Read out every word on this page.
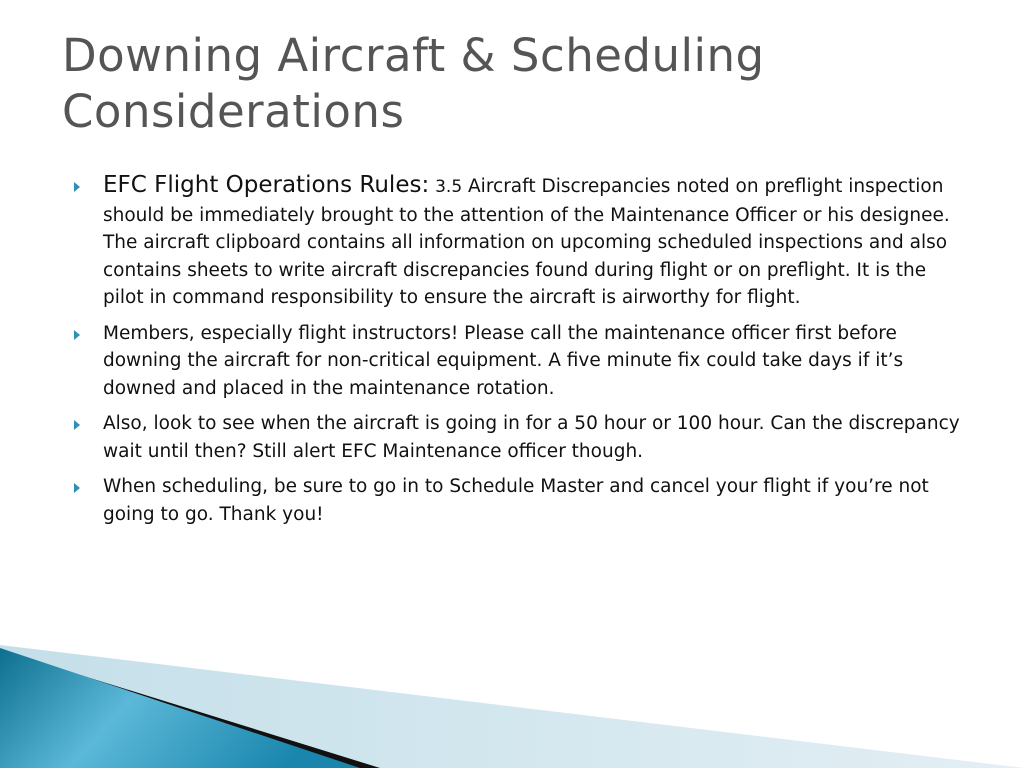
Downing Aircraft & Scheduling Considerations
EFC Flight Operations Rules: 3.5 Aircraft Discrepancies noted on preflight inspection should be immediately brought to the attention of the Maintenance Officer or his designee. The aircraft clipboard contains all information on upcoming scheduled inspections and also contains sheets to write aircraft discrepancies found during flight or on preflight. It is the pilot in command responsibility to ensure the aircraft is airworthy for flight.
Members, especially flight instructors! Please call the maintenance officer first before downing the aircraft for non-critical equipment. A five minute fix could take days if it’s downed and placed in the maintenance rotation.
Also, look to see when the aircraft is going in for a 50 hour or 100 hour. Can the discrepancy wait until then? Still alert EFC Maintenance officer though.
When scheduling, be sure to go in to Schedule Master and cancel your flight if you’re not going to go. Thank you!
